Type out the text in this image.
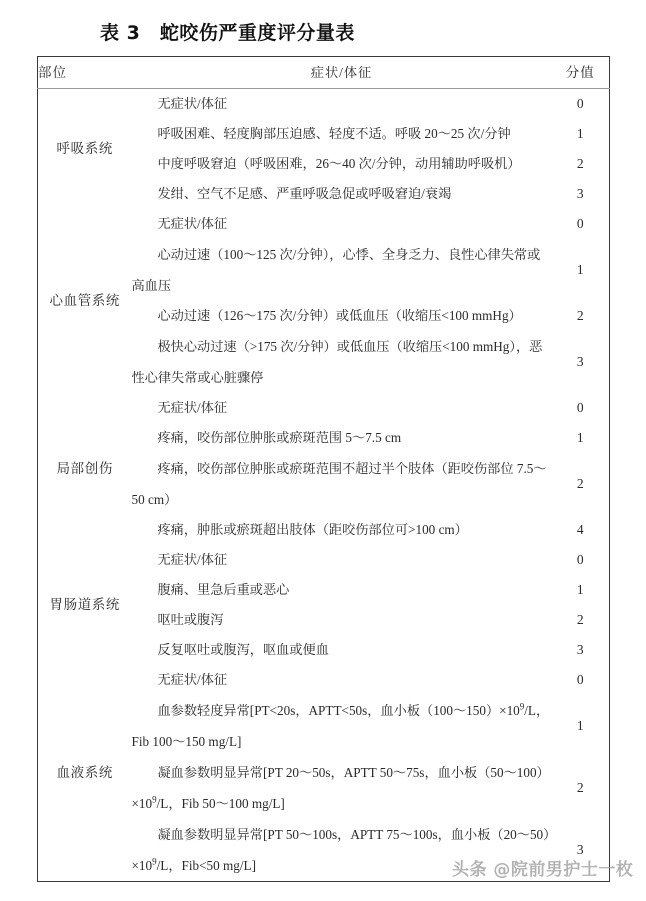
表 3　蛇咬伤严重度评分量表
部位	症状/体征	分值
呼吸系统	无症状/体征	0

	呼吸困难、轻度胸部压迫感、轻度不适。呼吸 20～25 次/分钟	1

	中度呼吸窘迫（呼吸困难，26～40 次/分钟，动用辅助呼吸机）	2

	发绀、空气不足感、严重呼吸急促或呼吸窘迫/衰竭	3
心血管系统	无症状/体征	0

	心动过速（100～125 次/分钟），心悸、全身乏力、良性心律失常或高血压	1

	心动过速（126～175 次/分钟）或低血压（收缩压<100 mmHg）	2

	极快心动过速（>175 次/分钟）或低血压（收缩压<100 mmHg），恶性心律失常或心脏骤停	3
局部创伤	无症状/体征	0

	疼痛，咬伤部位肿胀或瘀斑范围 5～7.5 cm	1

	疼痛，咬伤部位肿胀或瘀斑范围不超过半个肢体（距咬伤部位 7.5～50 cm）	2

	疼痛，肿胀或瘀斑超出肢体（距咬伤部位可>100 cm）	4
胃肠道系统	无症状/体征	0

	腹痛、里急后重或恶心	1

	呕吐或腹泻	2

	反复呕吐或腹泻，呕血或便血	3
血液系统	无症状/体征	0

	血参数轻度异常[PT<20s，APTT<50s，血小板$(100\sim 150)\times 10^9/L$，Fib 100～150 mg/L]	1

	凝血参数明显异常[PT 20～50s，APTT 50～75s，血小板$(50\sim 100)\times 10^9/L$，Fib 50～100 mg/L]	2

	凝血参数明显异常[PT 50～100s，APTT 75～100s，血小板$(20\sim 50)\times 10^9/L$，Fib<50 mg/L]	3
头条 @院前男护士一枚
